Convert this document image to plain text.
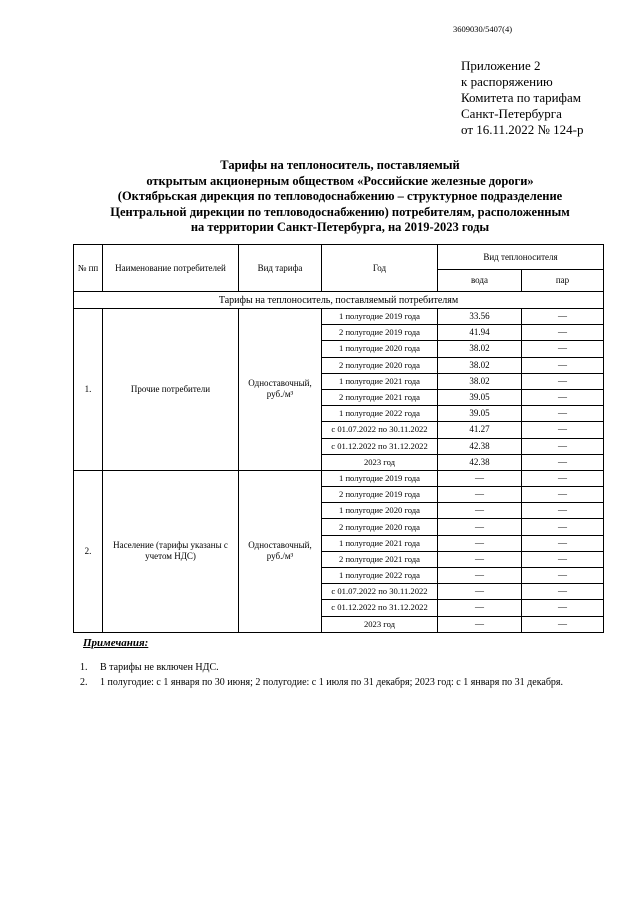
3609030/5407(4)
Приложение 2
к распоряжению
Комитета по тарифам
Санкт-Петербурга
от 16.11.2022 № 124-р
Тарифы на теплоноситель, поставляемый
открытым акционерным обществом «Российские железные дороги»
(Октябрьская дирекция по тепловодоснабжению – структурное подразделение
Центральной дирекции по тепловодоснабжению) потребителям, расположенным
на территории Санкт-Петербурга, на 2019-2023 годы
№ пп	Наименование потребителей	Вид тарифа	Год	Вид теплоносителя	
				вода	пар
Тарифы на теплоноситель, поставляемый потребителям					
1.	Прочие потребители	Одноставочный, руб./м³	1 полугодие 2019 года	33.56	—
			2 полугодие 2019 года	41.94	—
			1 полугодие 2020 года	38.02	—
			2 полугодие 2020 года	38.02	—
			1 полугодие 2021 года	38.02	—
			2 полугодие 2021 года	39.05	—
			1 полугодие 2022 года	39.05	—
			с 01.07.2022 по 30.11.2022	41.27	—
			с 01.12.2022 по 31.12.2022	42.38	—
			2023 год	42.38	—
2.	Население (тарифы указаны с учетом НДС)	Одноставочный, руб./м³	1 полугодие 2019 года	—	—
			2 полугодие 2019 года	—	—
			1 полугодие 2020 года	—	—
			2 полугодие 2020 года	—	—
			1 полугодие 2021 года	—	—
			2 полугодие 2021 года	—	—
			1 полугодие 2022 года	—	—
			с 01.07.2022 по 30.11.2022	—	—
			с 01.12.2022 по 31.12.2022	—	—
			2023 год	—	—
Примечания:
1. В тарифы не включен НДС.
2. 1 полугодие: с 1 января по 30 июня; 2 полугодие: с 1 июля по 31 декабря; 2023 год: с 1 января по 31 декабря.
